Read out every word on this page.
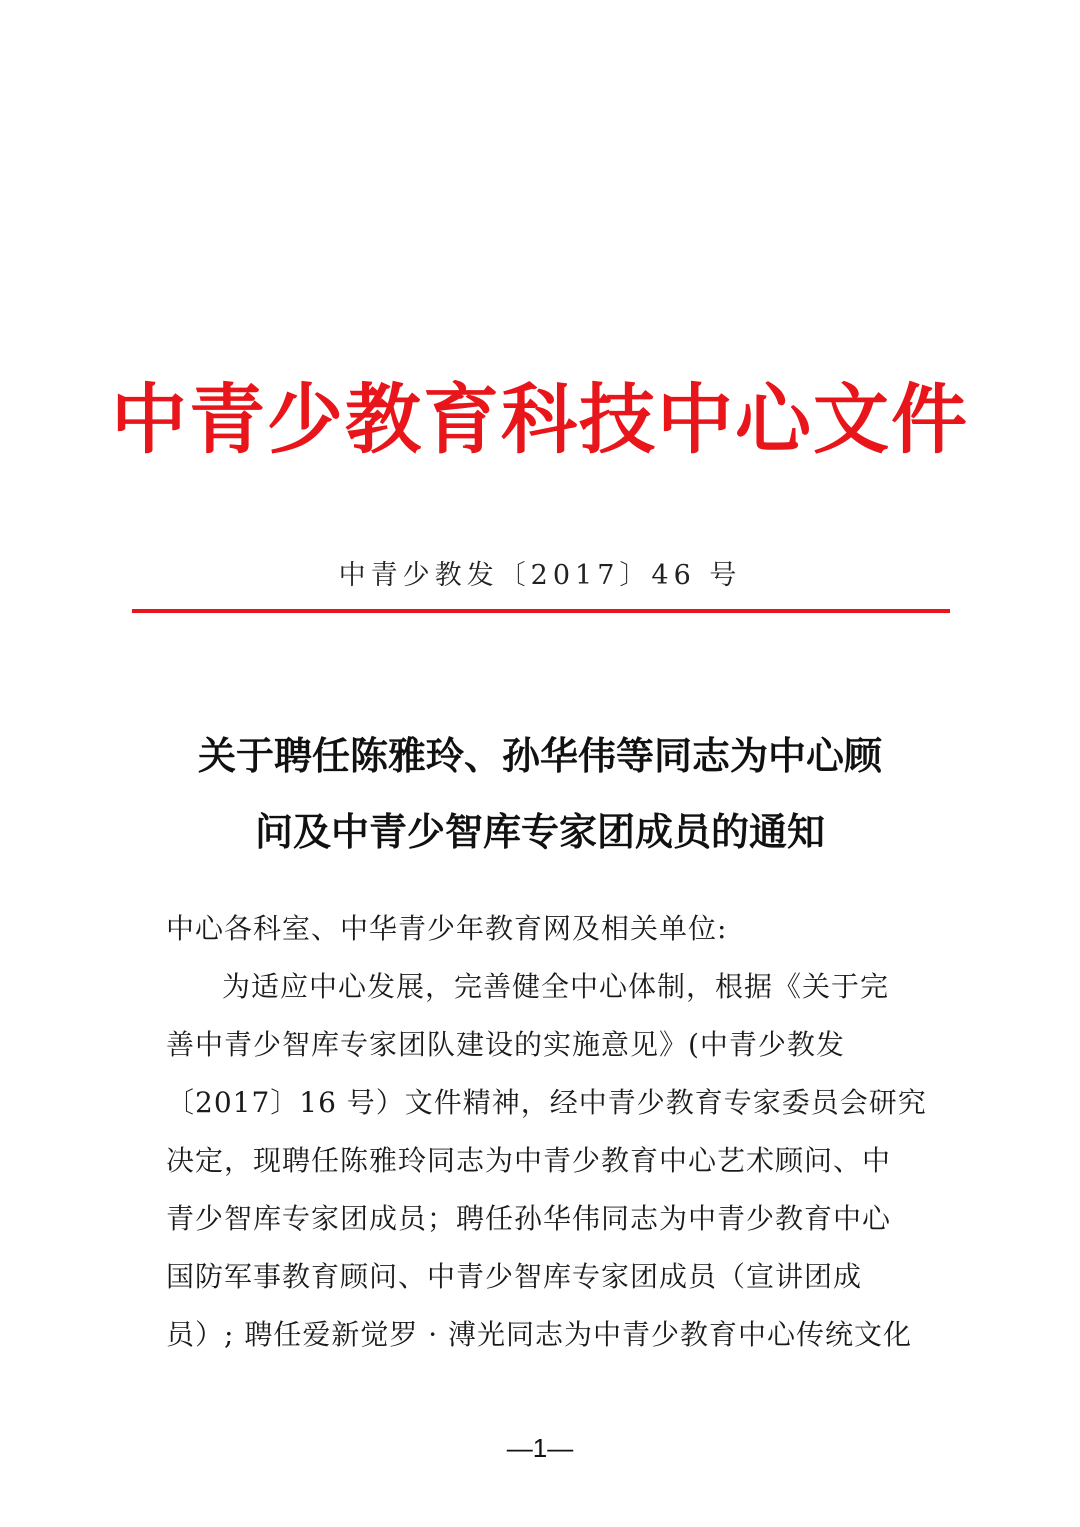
中青少教育科技中心文件
中青少教发〔2017〕46 号
关于聘任陈雅玲、孙华伟等同志为中心顾
问及中青少智库专家团成员的通知
中心各科室、中华青少年教育网及相关单位:
为适应中心发展，完善健全中心体制，根据《关于完
善中青少智库专家团队建设的实施意见》(中青少教发
〔2017〕16 号）文件精神，经中青少教育专家委员会研究
决定，现聘任陈雅玲同志为中青少教育中心艺术顾问、中
青少智库专家团成员；聘任孙华伟同志为中青少教育中心
国防军事教育顾问、中青少智库专家团成员（宣讲团成
员）; 聘任爱新觉罗 · 溥光同志为中青少教育中心传统文化
—1—
